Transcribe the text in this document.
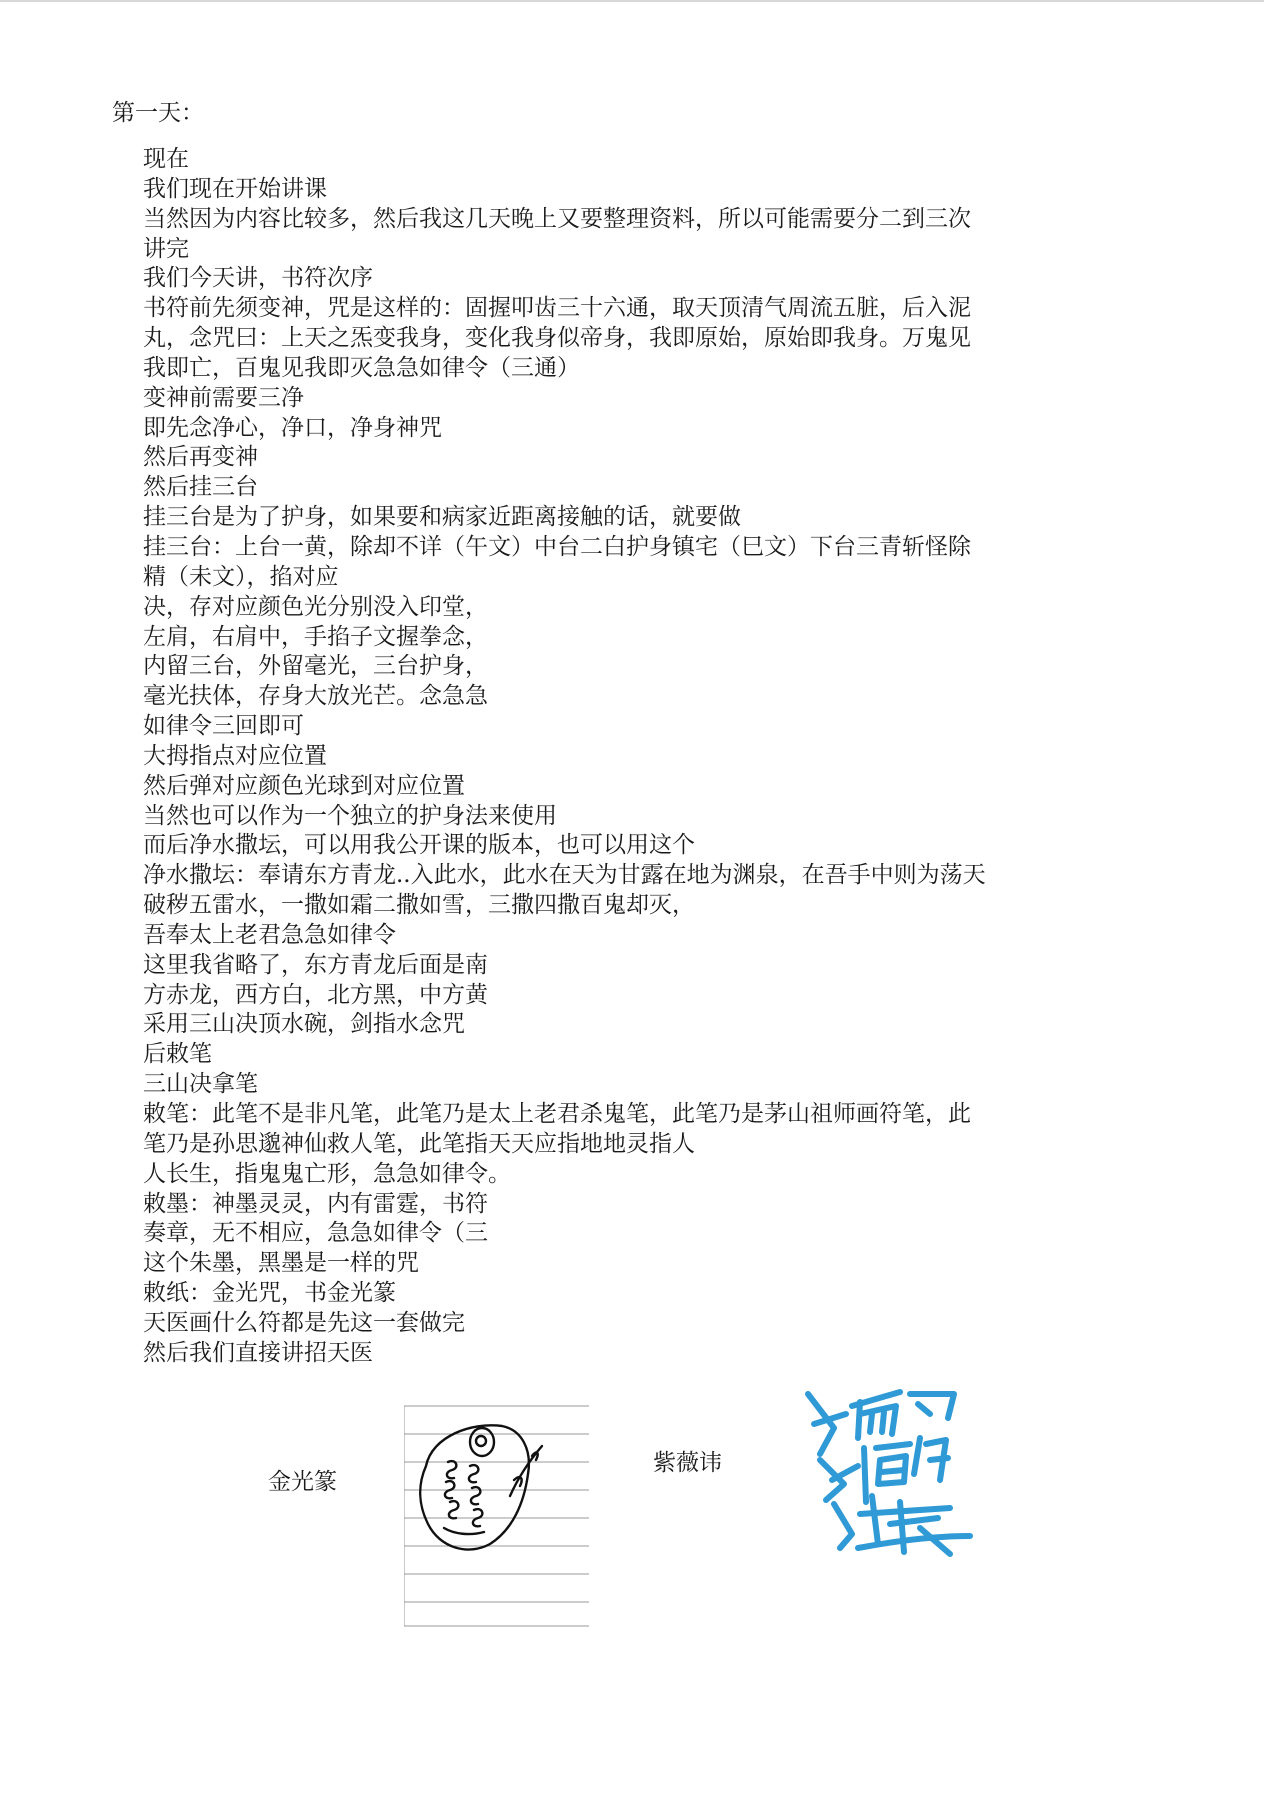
第一天：
现在
我们现在开始讲课
当然因为内容比较多，然后我这几天晚上又要整理资料，所以可能需要分二到三次
讲完
我们今天讲，书符次序
书符前先须变神，咒是这样的：固握叩齿三十六通，取天顶清气周流五脏，后入泥
丸，念咒曰：上天之炁变我身，变化我身似帝身，我即原始，原始即我身。万鬼见
我即亡，百鬼见我即灭急急如律令（三通）
变神前需要三净
即先念净心，净口，净身神咒
然后再变神
然后挂三台
挂三台是为了护身，如果要和病家近距离接触的话，就要做
挂三台：上台一黄，除却不详（午文）中台二白护身镇宅（巳文）下台三青斩怪除
精（未文），掐对应
决，存对应颜色光分别没入印堂，
左肩，右肩中，手掐子文握拳念，
内留三台，外留毫光，三台护身，
毫光扶体，存身大放光芒。念急急
如律令三回即可
大拇指点对应位置
然后弹对应颜色光球到对应位置
当然也可以作为一个独立的护身法来使用
而后净水撒坛，可以用我公开课的版本，也可以用这个
净水撒坛：奉请东方青龙..入此水，此水在天为甘露在地为渊泉，在吾手中则为荡天
破秽五雷水，一撒如霜二撒如雪，三撒四撒百鬼却灭，
吾奉太上老君急急如律令
这里我省略了，东方青龙后面是南
方赤龙，西方白，北方黑，中方黄
采用三山决顶水碗，剑指水念咒
后敕笔
三山决拿笔
敕笔：此笔不是非凡笔，此笔乃是太上老君杀鬼笔，此笔乃是茅山祖师画符笔，此
笔乃是孙思邈神仙救人笔，此笔指天天应指地地灵指人
人长生，指鬼鬼亡形，急急如律令。
敕墨：神墨灵灵，内有雷霆，书符
奏章，无不相应，急急如律令（三
这个朱墨，黑墨是一样的咒
敕纸：金光咒，书金光篆
天医画什么符都是先这一套做完
然后我们直接讲招天医
金光篆
紫薇讳
